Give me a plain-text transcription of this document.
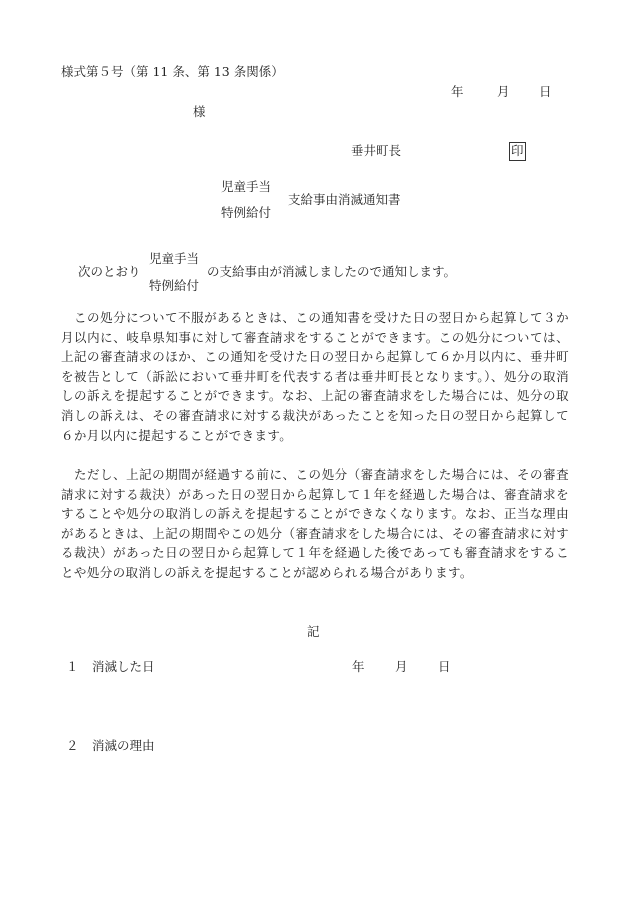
様式第５号（第 11 条、第 13 条関係）
年	月 日
様
垂井町長	印
児童手当
支給事由消滅通知書
特例給付
児童手当
次のとおり	の支給事由が消滅しましたので通知します。
特例給付
この処分について不服があるときは、この通知書を受けた日の翌日から起算して３か月以内に、岐阜県知事に対して審査請求をすることができます。この処分については、上記の審査請求のほか、この通知を受けた日の翌日から起算して６か月以内に、垂井町を被告として（訴訟において垂井町を代表する者は垂井町長となります。）、処分の取消しの訴えを提起することができます。なお、上記の審査請求をした場合には、処分の取消しの訴えは、その審査請求に対する裁決があったことを知った日の翌日から起算して６か月以内に提起することができます。
ただし、上記の期間が経過する前に、この処分（審査請求をした場合には、その審査請求に対する裁決）があった日の翌日から起算して１年を経過した場合は、審査請求をすることや処分の取消しの訴えを提起することができなくなります。なお、正当な理由があるときは、上記の期間やこの処分（審査請求をした場合には、その審査請求に対する裁決）があった日の翌日から起算して１年を経過した後であっても審査請求をすることや処分の取消しの訴えを提起することが認められる場合があります。
記
１ 消滅した日	年 月 日
２ 消滅の理由
